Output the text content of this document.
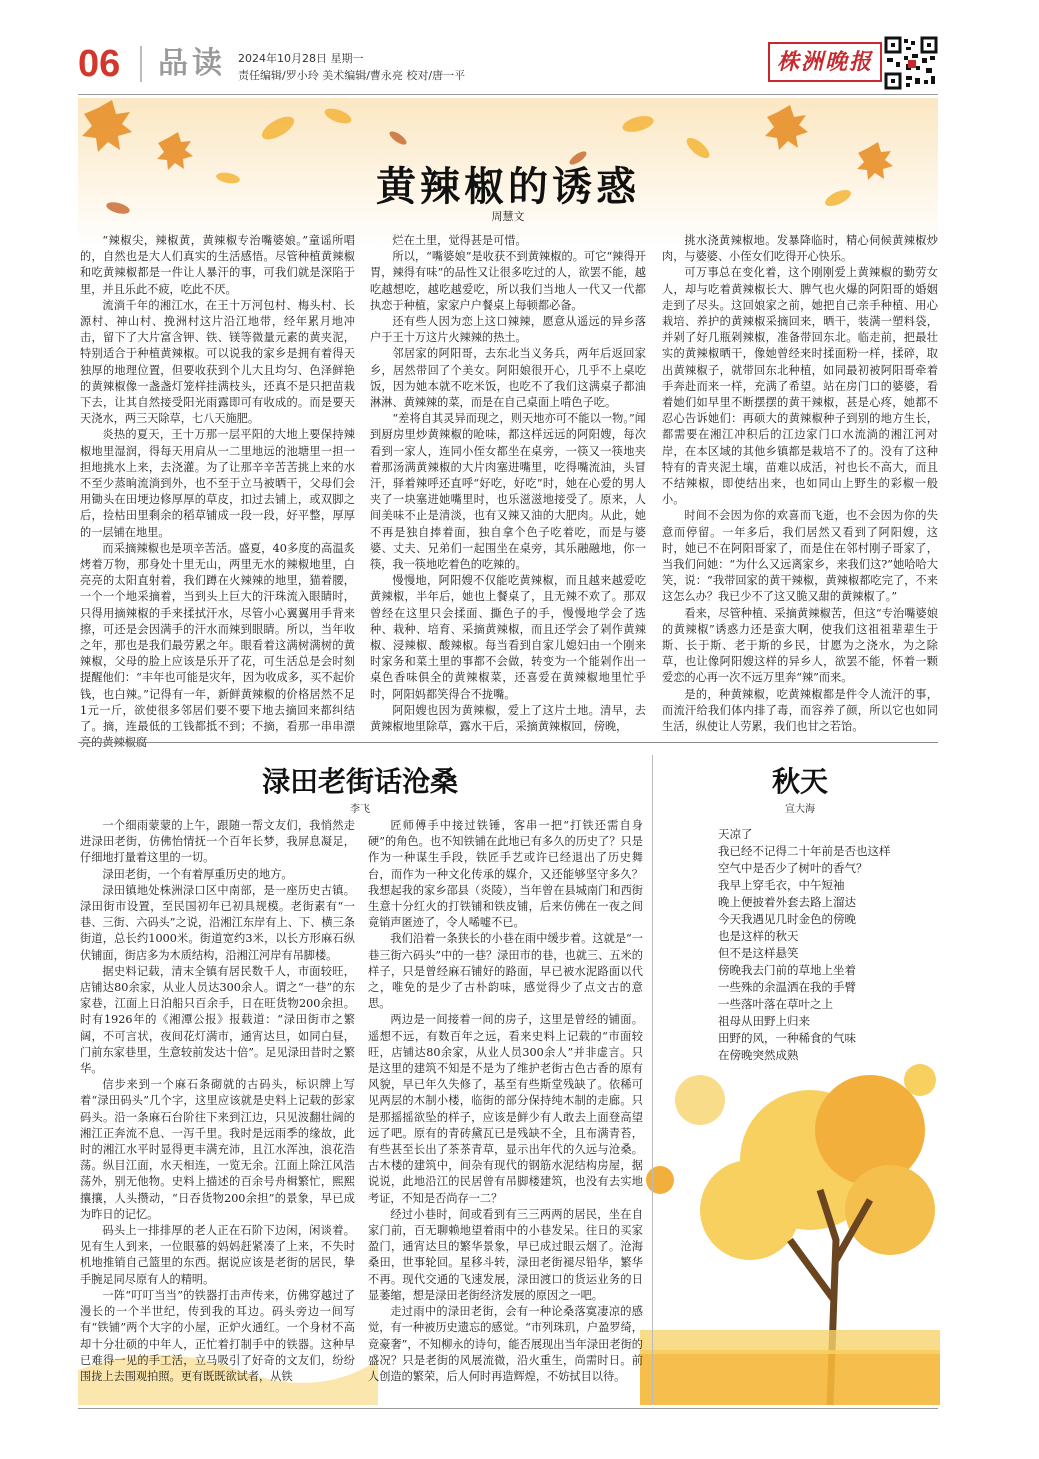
06 品读 2024年10月28日 星期一
责任编辑/罗小玲 美术编辑/曹永亮 校对/唐一平
株洲晚报
黄辣椒的诱惑
周慧文

“辣椒尖，辣椒黄，黄辣椒专治嘴婆娘。”童谣所唱的，自然也是大人们真实的生活感悟。尽管种植黄辣椒和吃黄辣椒都是一件让人暴汗的事，可我们就是深陷于里，并且乐此不疲，吃此不厌。

流淌千年的湘江水，在王十万河包村、梅头村、长源村、神山村、挽洲村这片沿江地带，经年累月地冲击，留下了大片富含钾、铁、镁等微量元素的黄夹泥，特别适合于种植黄辣椒。可以说我的家乡是拥有着得天独厚的地理位置，但要收获到个儿大且均匀、色泽鲜艳的黄辣椒像一盏盏灯笼样挂满枝头，还真不是只把苗栽下去，让其自然接受阳光雨露即可有收成的。而是要天天浇水，两三天除草，七八天施肥。

炎热的夏天，王十万那一层平阳的大地上要保持辣椒地里湿润，得每天用肩从一二里地远的池塘里一担一担地挑水上来，去浇灌。为了让那辛辛苦苦挑上来的水不至少蒸晌流淌到外，也不至于立马被晒干，父母们会用锄头在田埂边修厚厚的草皮，扣过去铺上，或双脚之后，捡枯田里剩余的稻草铺成一段一段，好平整，厚厚的一层铺在地里。

而采摘辣椒也是项辛苦活。盛夏，40多度的高温炙烤着万物，那身处十里无山，两里无水的辣椒地里，白亮亮的太阳直射着，我们蹲在火辣辣的地里，猫着腰，一个一个地采摘着，当到头上巨大的汗珠流入眼睛时，只得用摘辣椒的手来揉拭汗水，尽管小心翼翼用手背来擦，可还是会因满手的汗水而辣到眼睛。所以，当年收之年，那也是我们最劳累之年。眼看着这满树满树的黄辣椒，父母的脸上应该是乐开了花，可生活总是会时刻提醒他们：“丰年也可能是灾年，因为收成多，买不起价钱，也白辣。”记得有一年，新鲜黄辣椒的价格居然不足1元一斤，欲使很多邻居们要不要下地去摘回来都纠结了。摘，连最低的工钱都抵不到；不摘，看那一串串漂

烂在土里，觉得甚是可惜。

所以，“嘴婆娘”是收获不到黄辣椒的。可它“辣得开胃，辣得有味”的品性又让很多吃过的人，欲罢不能，越吃越想吃，越吃越爱吃，所以我们当地人一代又一代都执恋于种植，家家户户餐桌上每顿都必备。

还有些人因为恋上这口辣辣，愿意从遥远的异乡落户于王十万这片火辣辣的热土。

邻居家的阿阳哥，去东北当义务兵，两年后返回家乡，居然带回了个美女。阿阳娘很开心，几乎不上桌吃饭，因为她本就不吃米饭，也吃不了我们这满桌子都油淋淋、黄辣辣的菜，而是在自己桌面上啃色子吃。

“差将自其灵异而现之，则天地亦可不能以一物。”闻到厨房里炒黄辣椒的呛味，都这样远远的阿阳嫂，每次看到一家人，连同小侄女都坐在桌旁，一筷又一筷地夹着那汤满黄辣椒的大片肉塞进嘴里，吃得嘴流油，头冒汗，驿着辣呼还直呼“好吃，好吃”时，她在心爱的男人夹了一块塞进她嘴里时，也乐滋滋地接受了。原来，人间美味不止是清淡，也有又辣又油的大肥肉。从此，她不再是独自捧着面，独自拿个色子吃着吃，而是与婆婆、丈夫、兄弟们一起围坐在桌旁，其乐融融地，你一筷，我一筷地吃着色的吃辣的。

慢慢地，阿阳嫂不仅能吃黄辣椒，而且越来越爱吃黄辣椒，半年后，她也上餐桌了，且无辣不欢了。那双曾经在这里只会揉面、撕色子的手，慢慢地学会了选种、栽种、培育、采摘黄辣椒，而且还学会了剁作黄辣椒、浸辣椒、酸辣椒。每当看到自家儿媳妇由一个刚来时家务和菜土里的事都不会做，转变为一个能剁作出一桌色香味俱全的黄辣椒菜，还喜爱在黄辣椒地里忙乎时，阿阳妈都笑得合不拢嘴。

阿阳嫂也因为黄辣椒，爱上了这片土地。清早，去黄辣椒地里除草，露水干后，采摘黄辣椒回，傍晚，

挑水浇黄辣椒地。发暴降临时，精心伺候黄辣椒炒肉，与婆婆、小侄女们吃得开心快乐。

可万事总在变化着，这个刚刚爱上黄辣椒的勤劳女人，却与吃着黄辣椒长大、脾气也火爆的阿阳哥的婚姻走到了尽头。这回娘家之前，她把自己亲手种植、用心栽培、养护的黄辣椒采摘回来，晒干，装满一塑料袋，并剁了好几瓶剁辣椒，准备带回东北。临走前，把最壮实的黄辣椒晒干，像她曾经来时揉面粉一样，揉碎，取出黄辣椒子，就带回东北种植，如同最初被阿阳哥牵着手奔赴而来一样，充满了希望。站在房门口的婆婆，看着她们如早里不断摆摆的黄干辣椒，甚是心疼，她都不忍心告诉她们：再硕大的黄辣椒种子到别的地方生长，都需要在湘江冲积后的江边家门口水流淌的湘江河对岸，在本区域的其他乡镇都是栽培不了的。没有了这种特有的青夹泥土壤，苗难以成活，衬也长不高大，而且不结辣椒，即使结出来，也如同山上野生的彩椒一般小。

时间不会因为你的欢喜而飞逝，也不会因为你的失意而停留。一年多后，我们居然又看到了阿阳嫂，这时，她已不在阿阳哥家了，而是住在邻村刚子哥家了，当我们问她：“为什么又远离家乡，来我们这?”她哈哈大笑，说：“我带回家的黄干辣椒，黄辣椒都吃完了，不来这怎么办？我已少不了这又脆又甜的黄辣椒了。”

看来，尽管种植、采摘黄辣椒苦，但这“专治嘴婆娘的黄辣椒”诱惑力还是蛮大啊，使我们这祖祖辈辈生于斯、长于斯、老于斯的乡民，甘愿为之浇水，为之除草，也让像阿阳嫂这样的异乡人，欲罢不能，怀着一颗爱恋的心再一次不远万里奔“辣”而来。

是的，种黄辣椒，吃黄辣椒都是件令人流汗的事，而流汗给我们体内排了毒，而容养了颜，所以它也如同生活，纵使让人劳累，我们也甘之若饴。

渌田老街话沧桑
李飞

一个细雨蒙蒙的上午，跟随一帮文友们，我悄然走进渌田老街，仿佛怡情抚一个百年长梦，我屏息凝足，仔细地打量着这里的一切。

渌田老街，一个有着厚重历史的地方。

渌田镇地处株洲渌口区中南部，是一座历史古镇。渌田街市设置，至民国初年已初具规模。老街素有“一巷、三街、六码头”之说，沿湘江东岸有上、下、横三条街道，总长约1000米。街道宽约3米，以长方形麻石纵伏铺面，街店多为木质结构，沿湘江河岸有吊脚楼。

据史料记载，清末全镇有居民数千人，市面较旺，店铺达80余家，从业人员达300余人。谓之“一巷”的东家巷，江面上日泊船只百余手，日在旺货物200余担。时有1926年的《湘潭公报》报载道：“渌田街市之繁阔，不可言状，夜间花灯满市，通宵达旦，如同白昼，门前东家巷里，生意较前发达十倍”。足见渌田昔时之繁华。

信步来到一个麻石条砌就的古码头，标识牌上写着“渌田码头”几个字，这里应该就是史料上记载的彭家码头。沿一条麻石台阶往下来到江边，只见波翻壮阔的湘江正奔流不息、一泻千里。我时是远雨季的缘故，此时的湘江水平时显得更丰满充沛，且江水浑浊，浪花浩荡。纵目江面，水天相连，一览无余。江面上除江风浩荡外，别无他物。史料上描述的百余号舟楫繁忙，熙熙攘攘，人头攒动，“日吞货物200余担”的景象，早已成为昨日的记忆。

码头上一排排厚的老人正在石阶下边闲，闲谈着。见有生人到来，一位眼慕的妈妈赶紧凑了上来，不失时机地推销自己篮里的东西。据说应该是老街的居民，挚手腕足同尽原有人的精明。

一阵“叮叮当当”的铁器打击声传来，仿佛穿越过了漫长的一个半世纪，传到我的耳边。码头旁边一间写有“铁铺”两个大字的小屋，正炉火通红。一个身材不高却十分壮硕的中年人，正忙着打制手中的铁器。这种早已难得一见的手工活，立马吸引了好奇的文友们，纷纷围拢上去围观拍照。更有既既欲试者，从铁

匠师傅手中接过铁锤，客串一把“打铁还需自身硬”的角色。也不知铁铺在此地已有多久的历史了？只是作为一种谋生手段，铁匠手艺或许已经退出了历史舞台，而作为一种文化传承的媒介，又还能够坚守多久？我想起我的家乡邵县（炎陵），当年曾在县城南门和西街生意十分红火的打铁铺和铁皮铺，后来仿佛在一夜之间竟销声匿迹了，令人唏嘘不已。

我们沿着一条狭长的小巷在雨中缓步着。这就是“一巷三街六码头”中的一巷？渌田市的巷，也就三、五米的样子，只是曾经麻石铺好的路面，早已被水泥路面以代之，唯免的是少了古朴韵味，感觉得少了点文古的意思。

两边是一间接着一间的房子，这里是曾经的铺面。遥想不远，有数百年之远，看来史料上记载的“市面较旺，店铺达80余家，从业人员300余人”并非虚言。只是这里的建筑不知是不是为了维护老街古色古香的原有风貌，早已年久失修了，基至有些斯堂残缺了。依稀可见两层的木制小楼，临街的部分保持纯木制的走廊。只是那摇摇欲坠的样子，应该是鲜少有人敢去上面登高望远了吧。原有的青砖黛瓦已是残缺不全，且布满青苔，有些甚至长出了茶茶青草，显示出年代的久远与沧桑。古木楼的建筑中，间杂有现代的钢筋水泥结构房屋，据说说，此地沿江的民居曾有吊脚楼建筑，也没有去实地考证，不知是否尚存一二？

经过小巷时，间或看到有三三两两的居民，坐在自家门前，百无聊赖地望着雨中的小巷发呆。往日的买家盈门，通宵达旦的繁华景象，早已成过眼云烟了。沧海桑田，世事轮回。星移斗转，渌田老街褪尽铅华，繁华不再。现代交通的飞速发展，渌田渡口的货运业务的日显萎缩，想是渌田老街经济发展的原因之一吧。

走过雨中的渌田老街，会有一种论桑落寞凄凉的感觉，有一种被历史遗忘的感觉。“市列珠玑，户盈罗绮，竞豪奢”，不知柳永的诗句，能否展现出当年渌田老街的盛况？只是老街的风展流微，沿火重生，尚需时日。前人创造的繁荣，后人何时再造辉煌，不妨拭目以待。

秋天
宣大海
天凉了
我已经不记得二十年前是否也这样
空气中是否少了树叶的香气？
我早上穿毛衣，中午短袖
晚上便披着外套去路上溜达
今天我遇见几时金色的傍晚
也是这样的秋天
但不是这样悬笑
傍晚我去门前的草地上坐着
一些殊的余温洒在我的手臂
一些落叶落在草叶之上
祖母从田野上归来
田野的风，一种稀食的气味
在傍晚突然成熟
